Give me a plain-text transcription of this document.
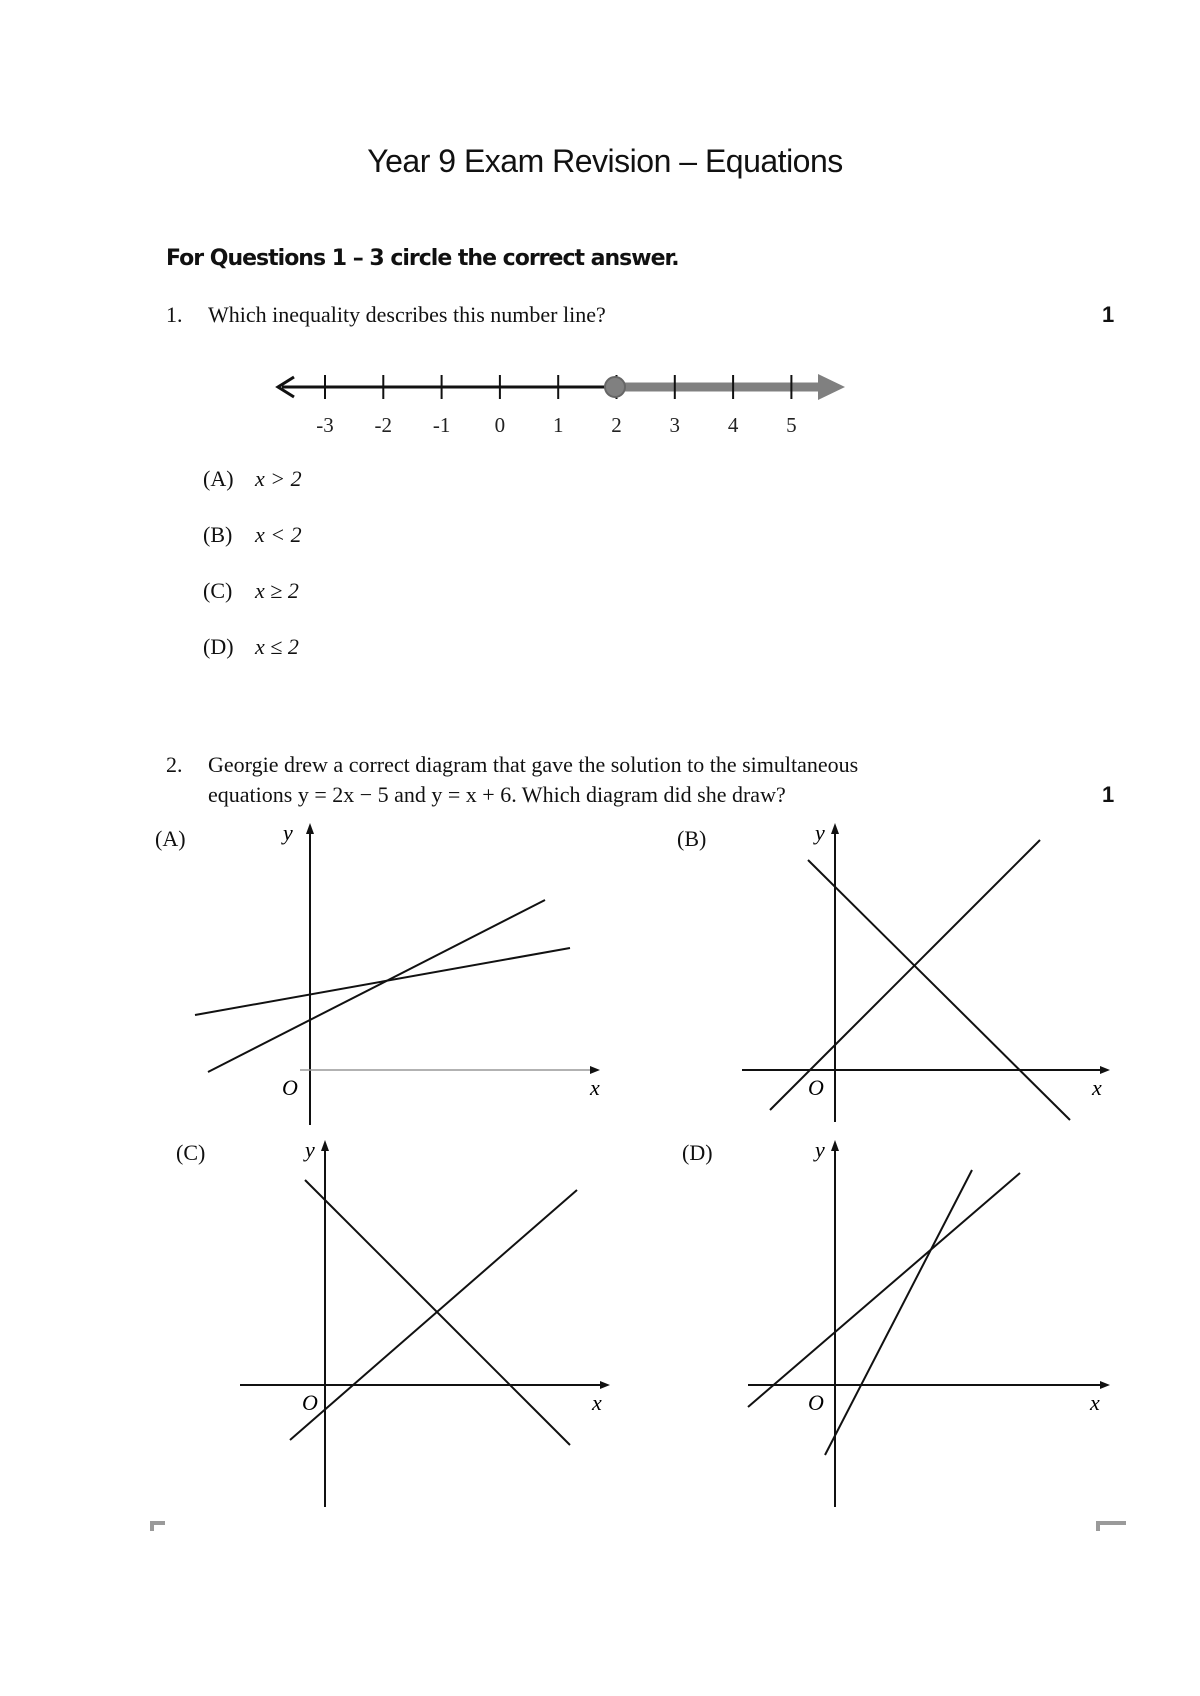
Year 9 Exam Revision – Equations
For Questions 1 – 3 circle the correct answer.
1. Which inequality describes this number line?	1
-3 -2 -1 0 1 2 3 4 5
(A) x > 2
(B) x < 2
(C) x ≥ 2
(D) x ≤ 2
2. Georgie drew a correct diagram that gave the solution to the simultaneous
equations y = 2x − 5 and y = x + 6. Which diagram did she draw?	1
(A)	y
O	x
(B)	y
O	x
(C)	y
O	x
(D)	y
O	x
